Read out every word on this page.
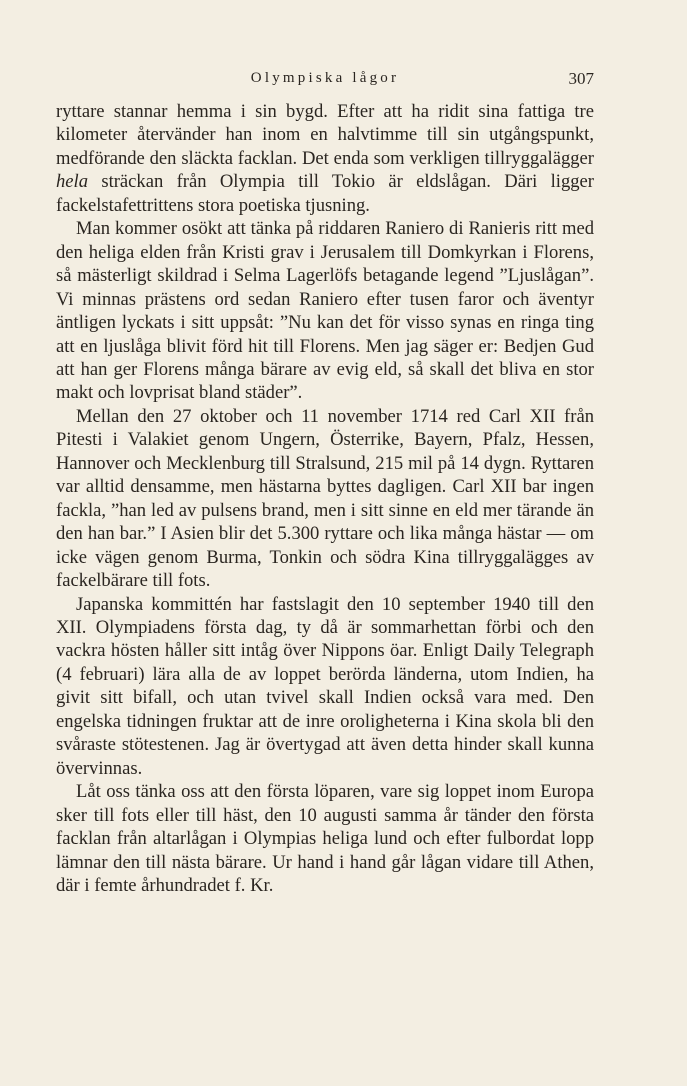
Olympiska lågor	307

ryttare stannar hemma i sin bygd. Efter att ha ridit sina fattiga tre kilometer återvänder han inom en halvtimme till sin utgångspunkt, medförande den släckta facklan. Det enda som verkligen tillryggalägger hela sträckan från Olympia till Tokio är eldslågan. Däri ligger fackelstafettrittens stora poetiska tjusning.

Man kommer osökt att tänka på riddaren Raniero di Ranieris ritt med den heliga elden från Kristi grav i Jerusalem till Domkyrkan i Florens, så mästerligt skildrad i Selma Lagerlöfs betagande legend ”Ljuslågan”. Vi minnas prästens ord sedan Raniero efter tusen faror och äventyr äntligen lyckats i sitt uppsåt: ”Nu kan det för visso synas en ringa ting att en ljuslåga blivit förd hit till Florens. Men jag säger er: Bedjen Gud att han ger Florens många bärare av evig eld, så skall det bliva en stor makt och lovprisat bland städer”.

Mellan den 27 oktober och 11 november 1714 red Carl XII från Pitesti i Valakiet genom Ungern, Österrike, Bayern, Pfalz, Hessen, Hannover och Mecklenburg till Stralsund, 215 mil på 14 dygn. Ryttaren var alltid densamme, men hästarna byttes dagligen. Carl XII bar ingen fackla, ”han led av pulsens brand, men i sitt sinne en eld mer tärande än den han bar.” I Asien blir det 5.300 ryttare och lika många hästar — om icke vägen genom Burma, Tonkin och södra Kina tillryggalägges av fackelbärare till fots.

Japanska kommittén har fastslagit den 10 september 1940 till den XII. Olympiadens första dag, ty då är sommarhettan förbi och den vackra hösten håller sitt intåg över Nippons öar. Enligt Daily Telegraph (4 februari) lära alla de av loppet berörda länderna, utom Indien, ha givit sitt bifall, och utan tvivel skall Indien också vara med. Den engelska tidningen fruktar att de inre oroligheterna i Kina skola bli den svåraste stötestenen. Jag är övertygad att även detta hinder skall kunna övervinnas.

Låt oss tänka oss att den första löparen, vare sig loppet inom Europa sker till fots eller till häst, den 10 augusti samma år tänder den första facklan från altarlågan i Olympias heliga lund och efter fulbordat lopp lämnar den till nästa bärare. Ur hand i hand går lågan vidare till Athen, där i femte århundradet f. Kr.
